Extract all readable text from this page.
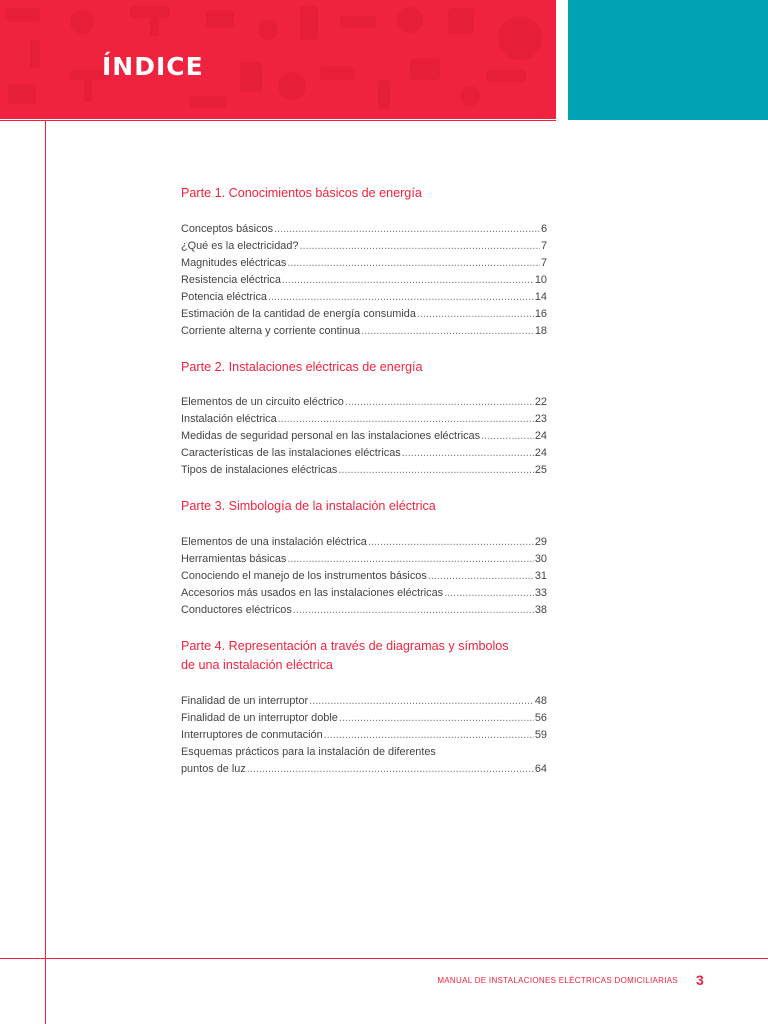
ÍNDICE
Parte 1. Conocimientos básicos de energía
Conceptos básicos .....	6
¿Qué es la electricidad? .....	7
Magnitudes eléctricas .....	7
Resistencia eléctrica .....	10
Potencia eléctrica .....	14
Estimación de la cantidad de energía consumida .....	16
Corriente alterna y corriente continua .....	18
Parte 2. Instalaciones eléctricas de energía
Elementos de un circuito eléctrico .....	22
Instalación eléctrica .....	23
Medidas de seguridad personal en las instalaciones eléctricas .....	24
Características de las instalaciones eléctricas .....	24
Tipos de instalaciones eléctricas .....	25
Parte 3. Simbología de la instalación eléctrica
Elementos de una instalación eléctrica .....	29
Herramientas básicas .....	30
Conociendo el manejo de los instrumentos básicos .....	31
Accesorios más usados en las instalaciones eléctricas .....	33
Conductores eléctricos .....	38
Parte 4. Representación a través de diagramas y símbolos
de una instalación eléctrica
Finalidad de un interruptor .....	48
Finalidad de un interruptor doble .....	56
Interruptores de conmutación .....	59
Esquemas prácticos para la instalación de diferentes
puntos de luz .....	64
MANUAL DE INSTALACIONES ELÉCTRICAS DOMICILIARIAS 3
